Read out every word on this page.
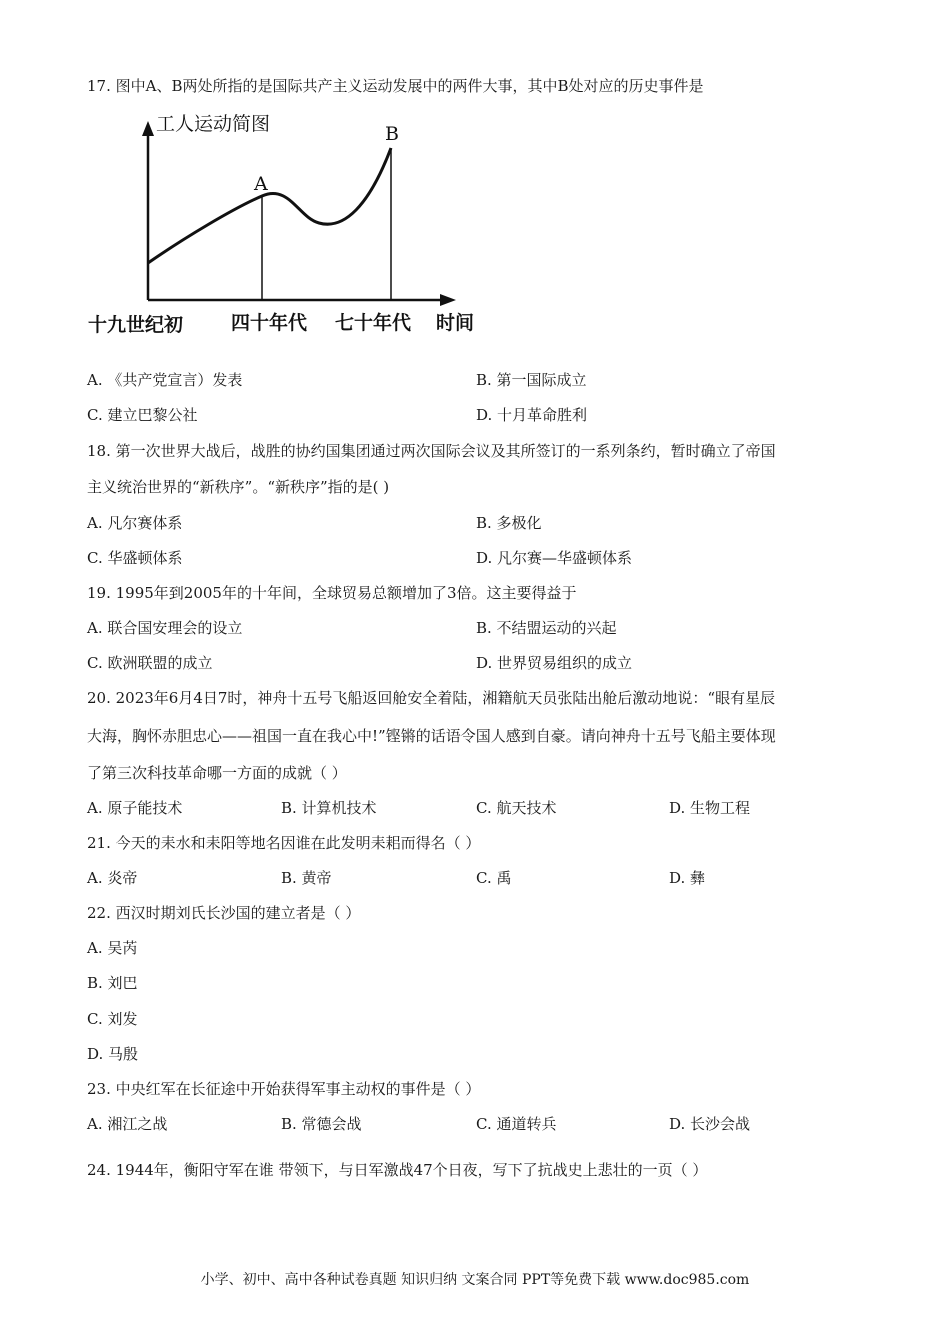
17. 图中A、B两处所指的是国际共产主义运动发展中的两件大事，其中B处对应的历史事件是
工人运动简图
A
B
十九世纪初	四十年代 七十年代 时间
A. 《共产党宣言）发表	B. 第一国际成立
C. 建立巴黎公社	D. 十月革命胜利
18. 第一次世界大战后，战胜的协约国集团通过两次国际会议及其所签订的一系列条约，暂时确立了帝国
主义统治世界的“新秩序”。“新秩序”指的是( )
A. 凡尔赛体系	B. 多极化
C. 华盛顿体系	D. 凡尔赛—华盛顿体系
19. 1995年到2005年的十年间，全球贸易总额增加了3倍。这主要得益于
A. 联合国安理会的设立	B. 不结盟运动的兴起
C. 欧洲联盟的成立	D. 世界贸易组织的成立
20. 2023年6月4日7时，神舟十五号飞船返回舱安全着陆，湘籍航天员张陆出舱后激动地说：“眼有星辰
大海，胸怀赤胆忠心——祖国一直在我心中!”铿锵的话语令国人感到自豪。请向神舟十五号飞船主要体现
了第三次科技革命哪一方面的成就（ ）
A. 原子能技术	B. 计算机技术	C. 航天技术	D. 生物工程
21. 今天的耒水和耒阳等地名因谁在此发明耒耜而得名（ ）
A. 炎帝	B. 黄帝	C. 禹	D. 彝
22. 西汉时期刘氏长沙国的建立者是（ ）
A. 吴芮
B. 刘巴
C. 刘发
D. 马殷
23. 中央红军在长征途中开始获得军事主动权的事件是（ ）
A. 湘江之战	B. 常德会战	C. 通道转兵	D. 长沙会战
24. 1944年，衡阳守军在谁 带领下，与日军激战47个日夜，写下了抗战史上悲壮的一页（ ）
小学、初中、高中各种试卷真题 知识归纳 文案合同 PPT等免费下载 www.doc985.com
